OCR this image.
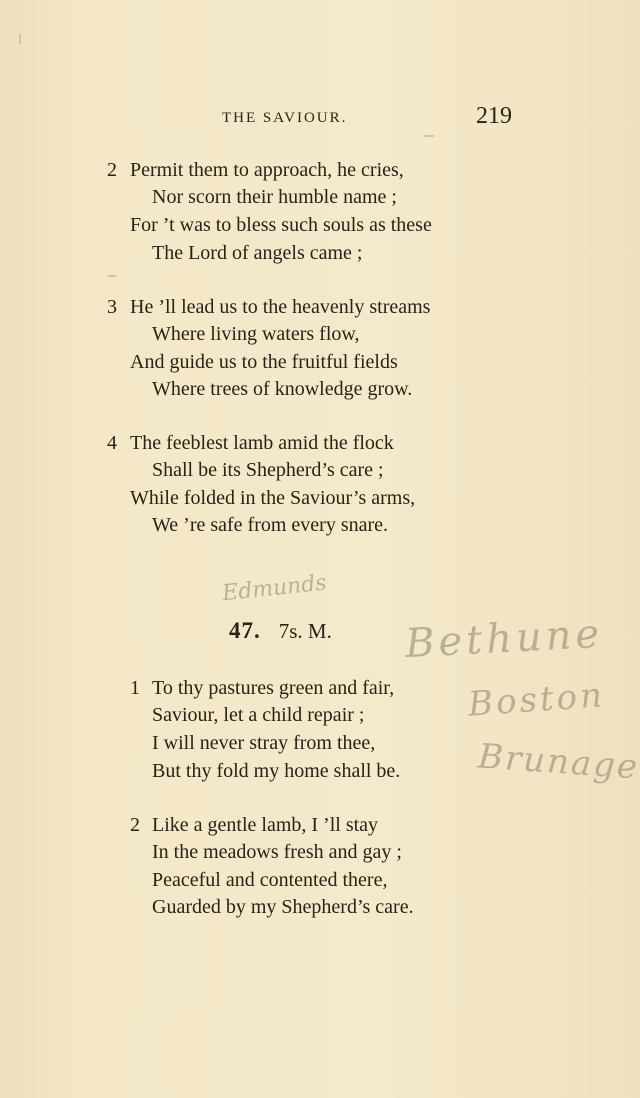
THE SAVIOUR.	219
2 Permit them to approach, he cries,
Nor scorn their humble name ;
For ’t was to bless such souls as these
The Lord of angels came ;
3 He ’ll lead us to the heavenly streams
Where living waters flow,
And guide us to the fruitful fields
Where trees of knowledge grow.
4 The feeblest lamb amid the flock
Shall be its Shepherd’s care ;
While folded in the Saviour’s arms,
We ’re safe from every snare.
Edmunds
Bethune
Boston
Brunage
47. 7s. M.
1 To thy pastures green and fair,
Saviour, let a child repair ;
I will never stray from thee,
But thy fold my home shall be.
2 Like a gentle lamb, I ’ll stay
In the meadows fresh and gay ;
Peaceful and contented there,
Guarded by my Shepherd’s care.
